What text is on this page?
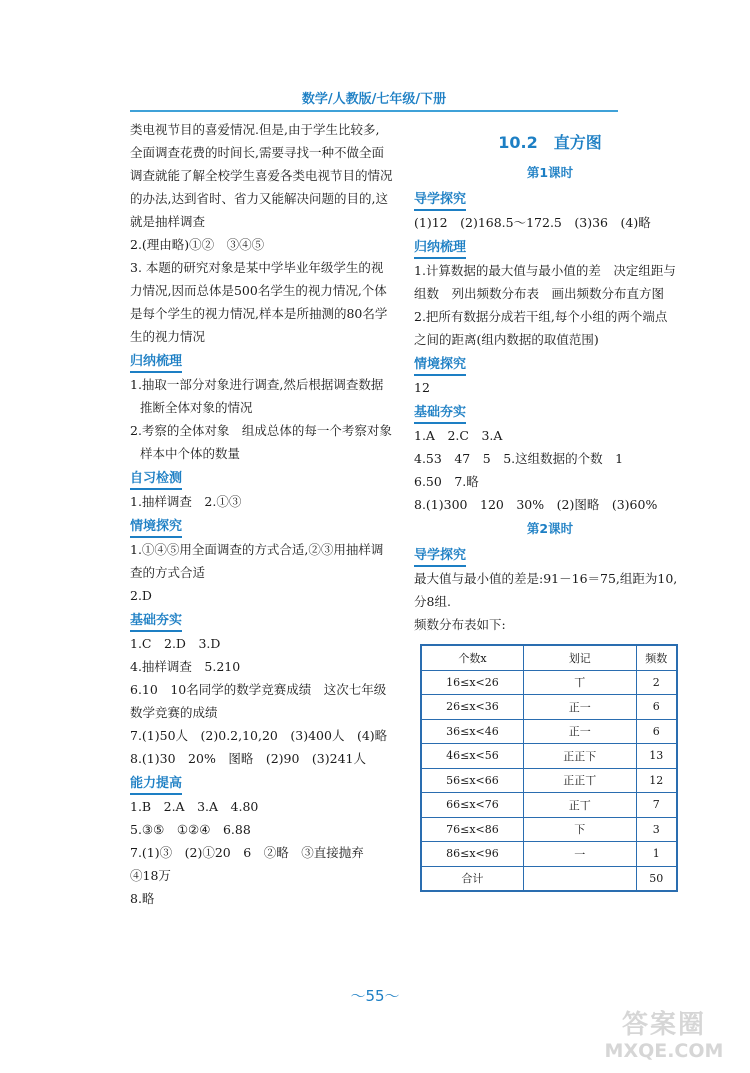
数学/人教版/七年级/下册

类电视节目的喜爱情况.但是,由于学生比较多,

全面调查花费的时间长,需要寻找一种不做全面

调查就能了解全校学生喜爱各类电视节目的情况

的办法,达到省时、省力又能解决问题的目的,这

就是抽样调查

2.(理由略)①②　③④⑤

3. 本题的研究对象是某中学毕业年级学生的视

力情况,因而总体是500名学生的视力情况,个体

是每个学生的视力情况,样本是所抽测的80名学

生的视力情况

归纳梳理

1.抽取一部分对象进行调查,然后根据调查数据

推断全体对象的情况

2.考察的全体对象　组成总体的每一个考察对象

样本中个体的数量

自习检测

1.抽样调查　2.①③

情境探究

1.①④⑤用全面调查的方式合适,②③用抽样调

查的方式合适

2.D

基础夯实

1.C　2.D　3.D

4.抽样调查　5.210

6.10　10名同学的数学竞赛成绩　这次七年级

数学竞赛的成绩

7.(1)50人　(2)0.2,10,20　(3)400人　(4)略

8.(1)30　20%　图略　(2)90　(3)241人

能力提高

1.B　2.A　3.A　4.80

5.③⑤　①②④　6.88

7.(1)③　(2)①20　6　②略　③直接抛弃

④18万

8.略

10.2　直方图
第1课时
导学探究

(1)12　(2)168.5～172.5　(3)36　(4)略

归纳梳理

1.计算数据的最大值与最小值的差　决定组距与

组数　列出频数分布表　画出频数分布直方图

2.把所有数据分成若干组,每个小组的两个端点

之间的距离(组内数据的取值范围)

情境探究

12

基础夯实

1.A　2.C　3.A

4.53　47　5　5.这组数据的个数　1

6.50　7.略

8.(1)300　120　30%　(2)图略　(3)60%

第2课时
导学探究

最大值与最小值的差是:91－16＝75,组距为10,

分8组.

频数分布表如下:

个数x	划记	频数
16≤x<26	丅	2
26≤x<36	正一	6
36≤x<46	正一	6
46≤x<56	正正下	13
56≤x<66	正正丅	12
66≤x<76	正丅	7
76≤x<86	下	3
86≤x<96	一	1
合计		50
～55～
答案圈
MXQE.COM
